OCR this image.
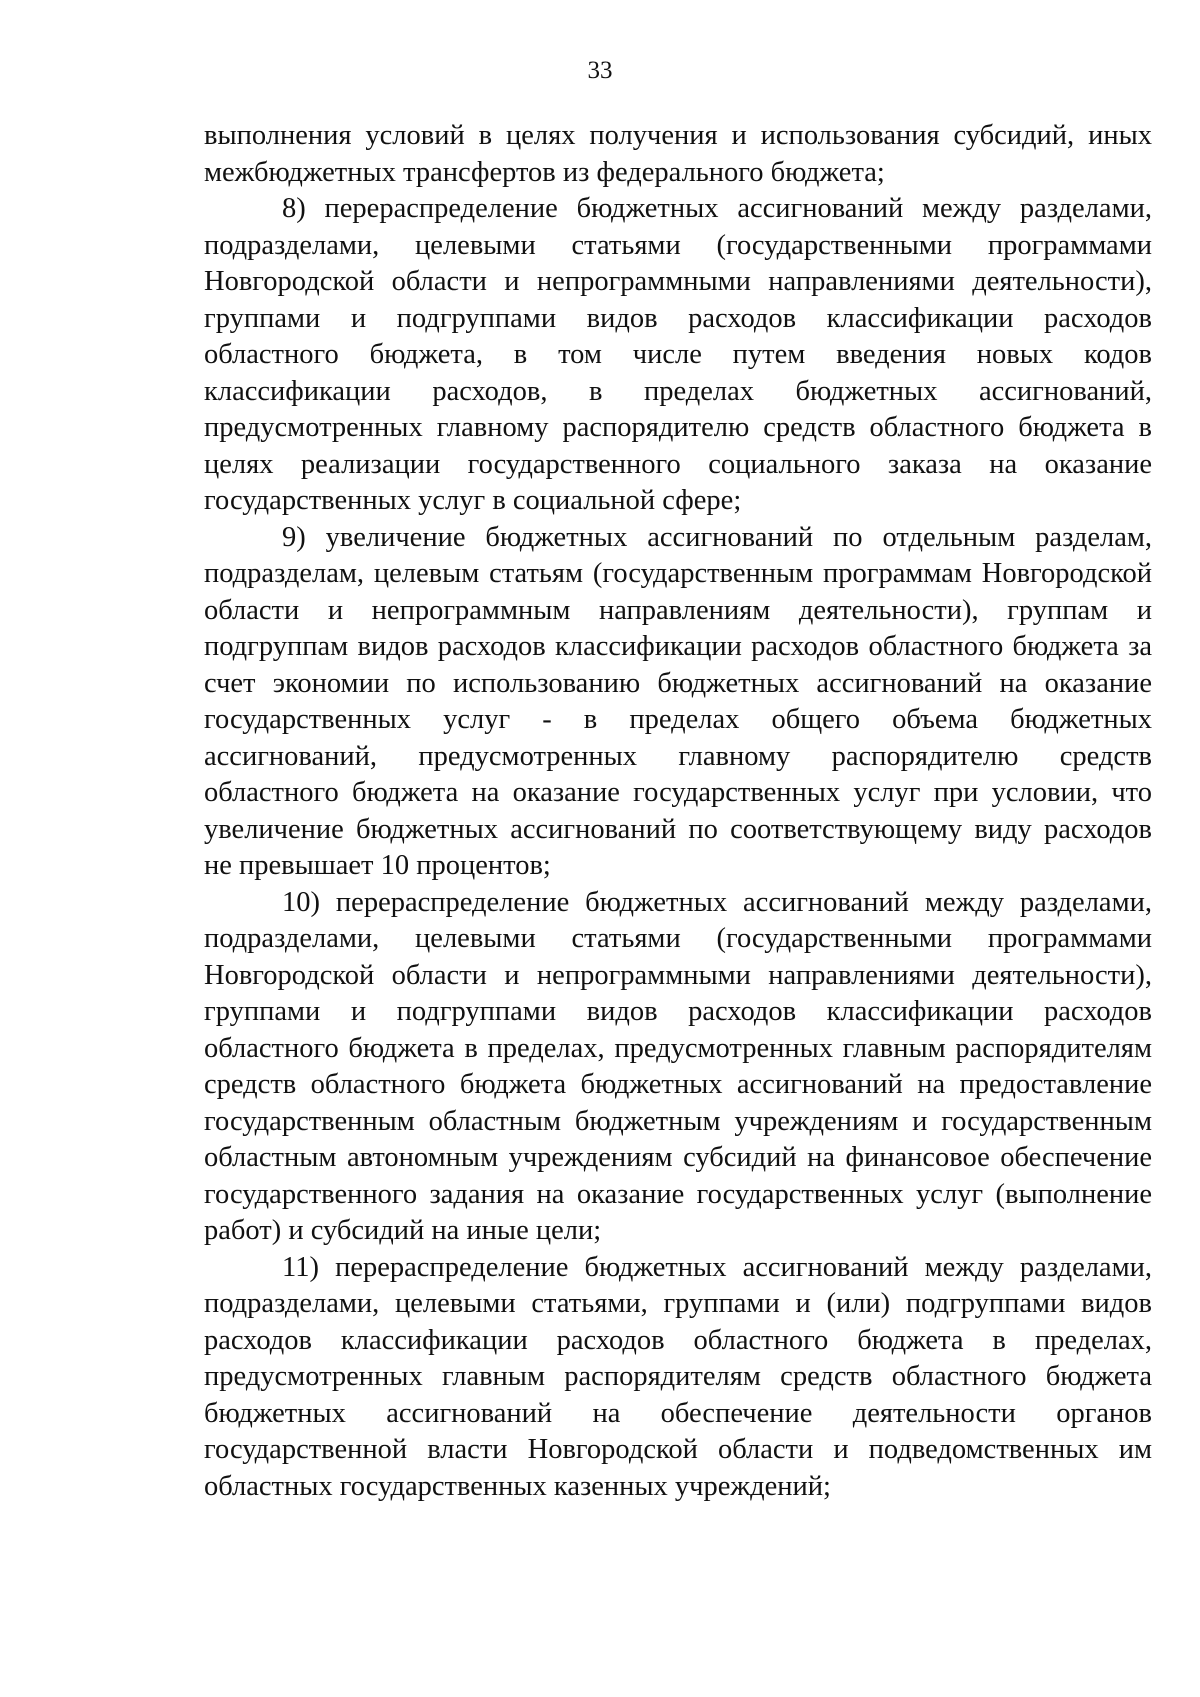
33

выполнения условий в целях получения и использования субсидий, иных межбюджетных трансфертов из федерального бюджета;

8) перераспределение бюджетных ассигнований между разделами, подразделами, целевыми статьями (государственными программами Новгородской области и непрограммными направлениями деятельности), группами и подгруппами видов расходов классификации расходов областного бюджета, в том числе путем введения новых кодов классификации расходов, в пределах бюджетных ассигнований, предусмотренных главному распорядителю средств областного бюджета в целях реализации государственного социального заказа на оказание государственных услуг в социальной сфере;

9) увеличение бюджетных ассигнований по отдельным разделам, подразделам, целевым статьям (государственным программам Новгородской области и непрограммным направлениям деятельности), группам и подгруппам видов расходов классификации расходов областного бюджета за счет экономии по использованию бюджетных ассигнований на оказание государственных услуг - в пределах общего объема бюджетных ассигнований, предусмотренных главному распорядителю средств областного бюджета на оказание государственных услуг при условии, что увеличение бюджетных ассигнований по соответствующему виду расходов не превышает 10 процентов;

10) перераспределение бюджетных ассигнований между разделами, подразделами, целевыми статьями (государственными программами Новгородской области и непрограммными направлениями деятельности), группами и подгруппами видов расходов классификации расходов областного бюджета в пределах, предусмотренных главным распорядителям средств областного бюджета бюджетных ассигнований на предоставление государственным областным бюджетным учреждениям и государственным областным автономным учреждениям субсидий на финансовое обеспечение государственного задания на оказание государственных услуг (выполнение работ) и субсидий на иные цели;

11) перераспределение бюджетных ассигнований между разделами, подразделами, целевыми статьями, группами и (или) подгруппами видов расходов классификации расходов областного бюджета в пределах, предусмотренных главным распорядителям средств областного бюджета бюджетных ассигнований на обеспечение деятельности органов государственной власти Новгородской области и подведомственных им областных государственных казенных учреждений;
